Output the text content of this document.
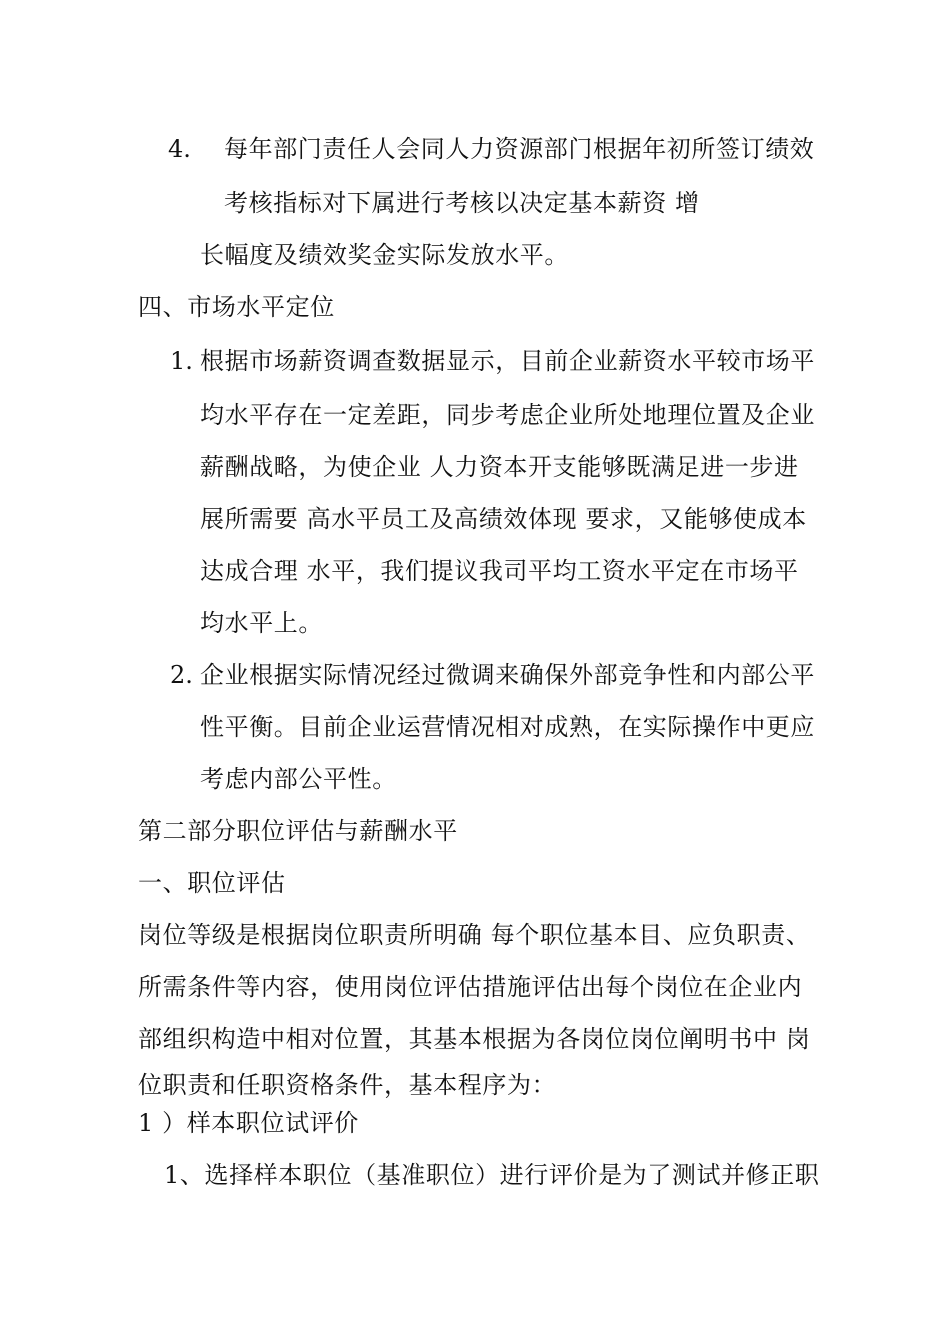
4. 每年部门责任人会同人力资源部门根据年初所签订绩效
考核指标对下属进行考核以决定基本薪资 增
长幅度及绩效奖金实际发放水平。
四、市场水平定位
1. 根据市场薪资调查数据显示，目前企业薪资水平较市场平
均水平存在一定差距，同步考虑企业所处地理位置及企业
薪酬战略，为使企业 人力资本开支能够既满足进一步进
展所需要 高水平员工及高绩效体现 要求，又能够使成本
达成合理 水平，我们提议我司平均工资水平定在市场平
均水平上。
2. 企业根据实际情况经过微调来确保外部竞争性和内部公平
性平衡。目前企业运营情况相对成熟，在实际操作中更应
考虑内部公平性。
第二部分职位评估与薪酬水平
一、职位评估
岗位等级是根据岗位职责所明确 每个职位基本目、应负职责、
所需条件等内容，使用岗位评估措施评估出每个岗位在企业内
部组织构造中相对位置，其基本根据为各岗位岗位阐明书中 岗
位职责和任职资格条件，基本程序为：
1 ）样本职位试评价
1、选择样本职位（基准职位）进行评价是为了测试并修正职
